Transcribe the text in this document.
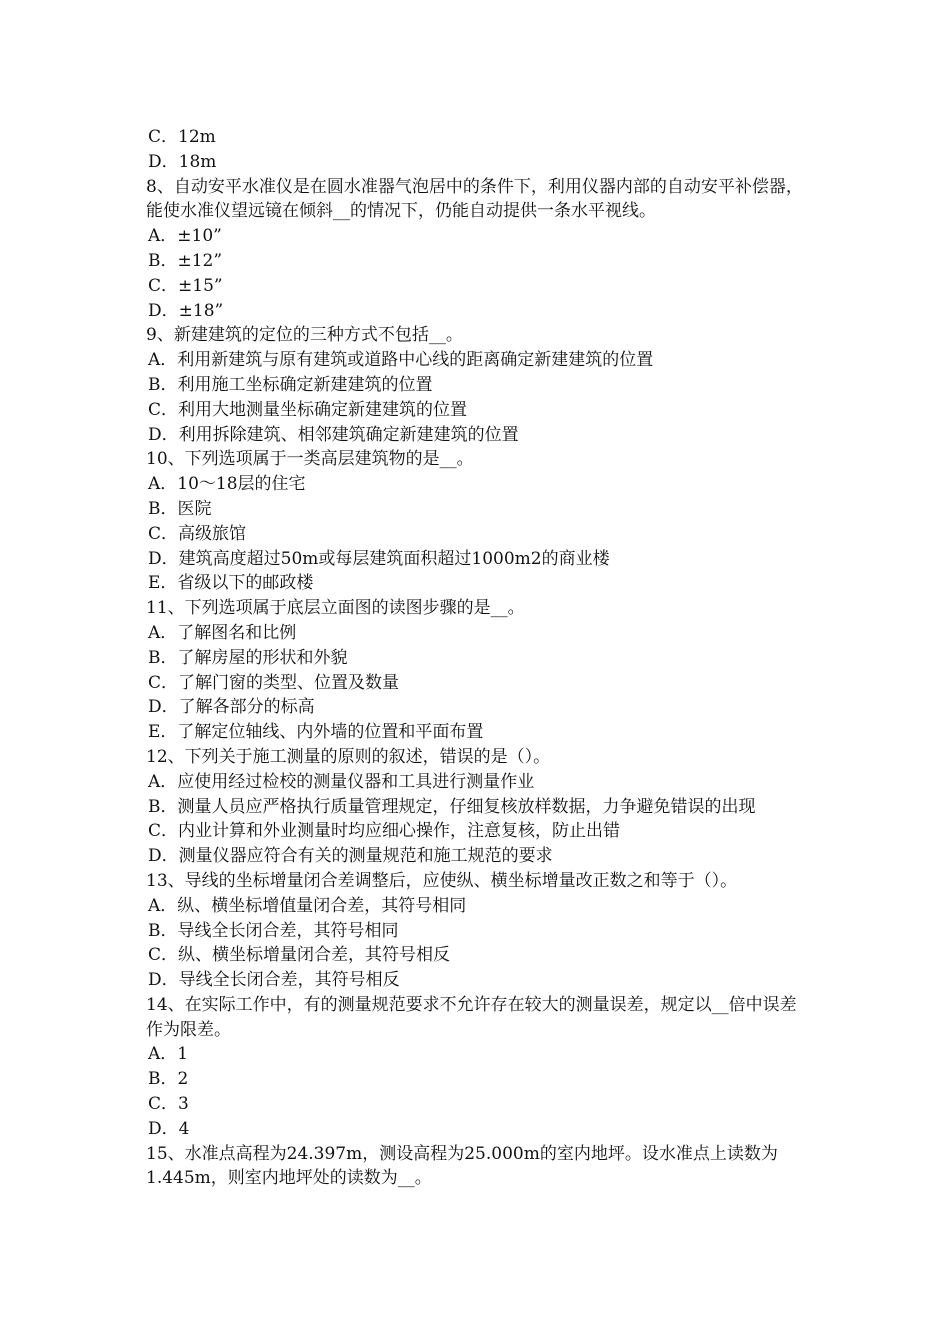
C．12m

D．18m

8、自动安平水准仪是在圆水准器气泡居中的条件下，利用仪器内部的自动安平补偿器，能使水准仪望远镜在倾斜__的情况下，仍能自动提供一条水平视线。

A．±10”

B．±12”

C．±15”

D．±18”

9、新建建筑的定位的三种方式不包括__。

A．利用新建筑与原有建筑或道路中心线的距离确定新建建筑的位置

B．利用施工坐标确定新建建筑的位置

C．利用大地测量坐标确定新建建筑的位置

D．利用拆除建筑、相邻建筑确定新建建筑的位置

10、下列选项属于一类高层建筑物的是__。

A．10～18层的住宅

B．医院

C．高级旅馆

D．建筑高度超过50m或每层建筑面积超过1000m2的商业楼

E．省级以下的邮政楼

11、下列选项属于底层立面图的读图步骤的是__。

A．了解图名和比例

B．了解房屋的形状和外貌

C．了解门窗的类型、位置及数量

D．了解各部分的标高

E．了解定位轴线、内外墙的位置和平面布置

12、下列关于施工测量的原则的叙述，错误的是（）。

A．应使用经过检校的测量仪器和工具进行测量作业

B．测量人员应严格执行质量管理规定，仔细复核放样数据，力争避免错误的出现

C．内业计算和外业测量时均应细心操作，注意复核，防止出错

D．测量仪器应符合有关的测量规范和施工规范的要求

13、导线的坐标增量闭合差调整后，应使纵、横坐标增量改正数之和等于（）。

A．纵、横坐标增值量闭合差，其符号相同

B．导线全长闭合差，其符号相同

C．纵、横坐标增量闭合差，其符号相反

D．导线全长闭合差，其符号相反

14、在实际工作中，有的测量规范要求不允许存在较大的测量误差，规定以__倍中误差作为限差。

A．1

B．2

C．3

D．4

15、水准点高程为24.397m，测设高程为25.000m的室内地坪。设水准点上读数为1.445m，则室内地坪处的读数为__。
